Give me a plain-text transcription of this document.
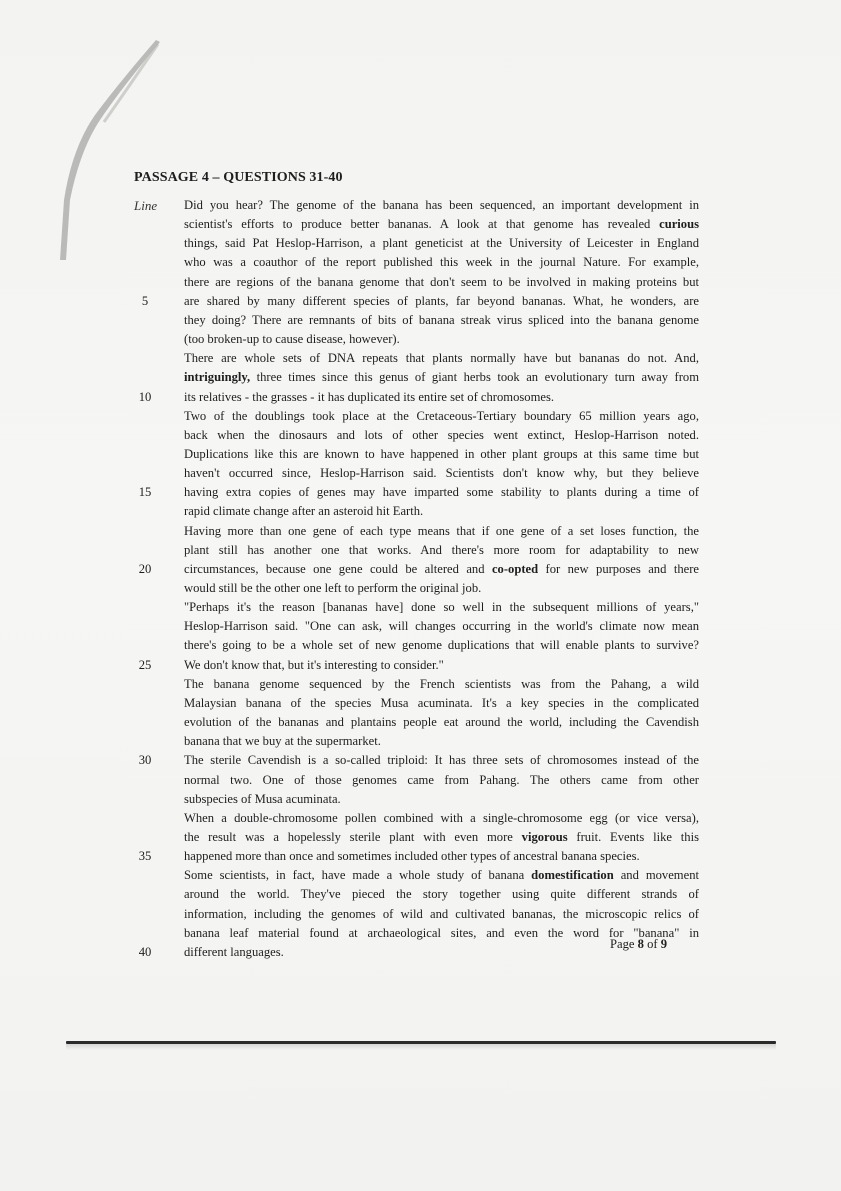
PASSAGE 4 – QUESTIONS 31-40
Line Did you hear? The genome of the banana has been sequenced, an important development in
scientist's efforts to produce better bananas. A look at that genome has revealed curious
things, said Pat Heslop-Harrison, a plant geneticist at the University of Leicester in England
who was a coauthor of the report published this week in the journal Nature. For example,
there are regions of the banana genome that don't seem to be involved in making proteins but
are shared by many different species of plants, far beyond bananas. What, he wonders, are
5
they doing? There are remnants of bits of banana streak virus spliced into the banana genome
(too broken-up to cause disease, however).
There are whole sets of DNA repeats that plants normally have but bananas do not. And,
intriguingly, three times since this genus of giant herbs took an evolutionary turn away from
its relatives - the grasses - it has duplicated its entire set of chromosomes.
10
Two of the doublings took place at the Cretaceous-Tertiary boundary 65 million years ago,
back when the dinosaurs and lots of other species went extinct, Heslop-Harrison noted.
Duplications like this are known to have happened in other plant groups at this same time but
haven't occurred since, Heslop-Harrison said. Scientists don't know why, but they believe
having extra copies of genes may have imparted some stability to plants during a time of
15
rapid climate change after an asteroid hit Earth.
Having more than one gene of each type means that if one gene of a set loses function, the
plant still has another one that works. And there's more room for adaptability to new
circumstances, because one gene could be altered and co-opted for new purposes and there
20
would still be the other one left to perform the original job.
"Perhaps it's the reason [bananas have] done so well in the subsequent millions of years,"
Heslop-Harrison said. "One can ask, will changes occurring in the world's climate now mean
there's going to be a whole set of new genome duplications that will enable plants to survive?
We don't know that, but it's interesting to consider."
25
The banana genome sequenced by the French scientists was from the Pahang, a wild
Malaysian banana of the species Musa acuminata. It's a key species in the complicated
evolution of the bananas and plantains people eat around the world, including the Cavendish
banana that we buy at the supermarket.
The sterile Cavendish is a so-called triploid: It has three sets of chromosomes instead of the
30
normal two. One of those genomes came from Pahang. The others came from other
subspecies of Musa acuminata.
When a double-chromosome pollen combined with a single-chromosome egg (or vice versa),
the result was a hopelessly sterile plant with even more vigorous fruit. Events like this
happened more than once and sometimes included other types of ancestral banana species.
35
Some scientists, in fact, have made a whole study of banana domestification and movement
around the world. They've pieced the story together using quite different strands of
information, including the genomes of wild and cultivated bananas, the microscopic relics of
banana leaf material found at archaeological sites, and even the word for "banana" in
different languages.
40
Page 8 of 9
